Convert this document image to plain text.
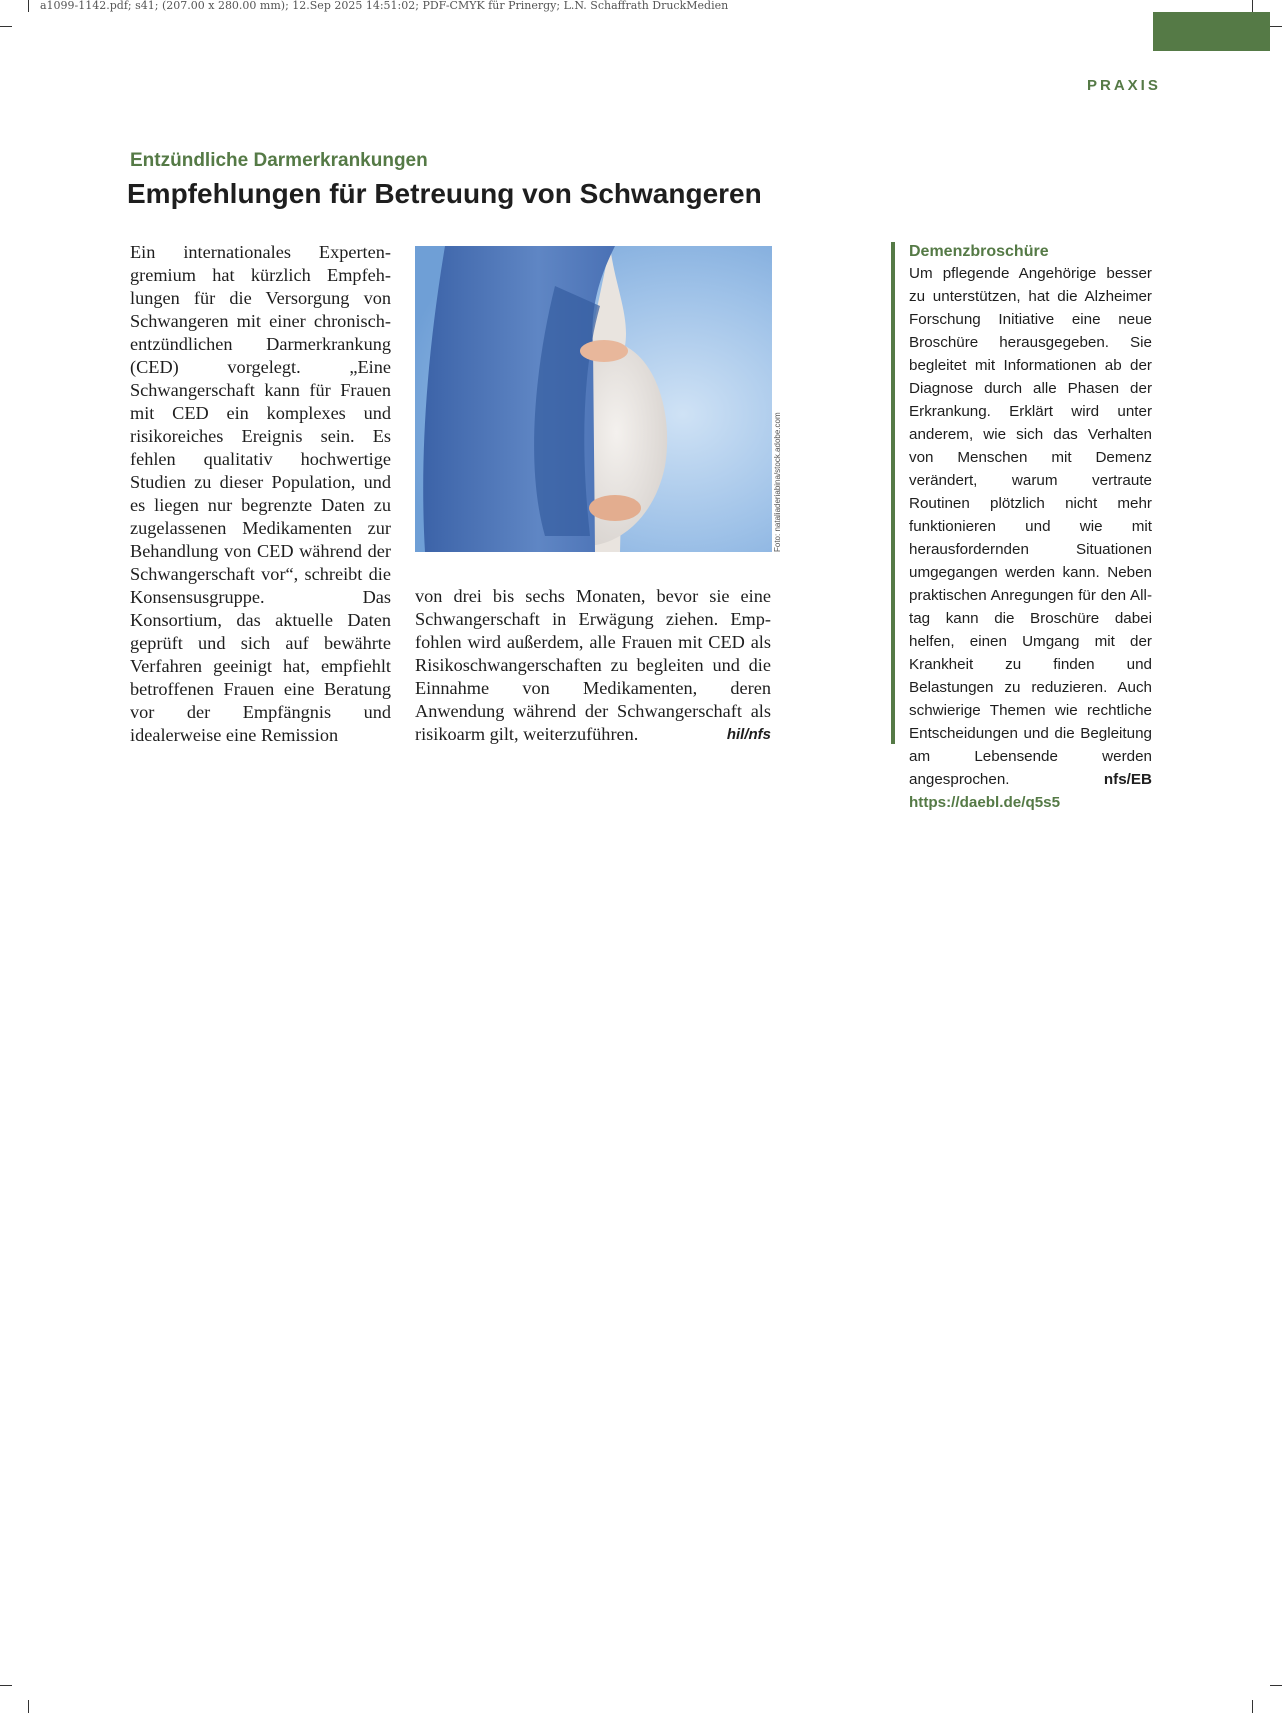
a1099-1142.pdf; s41; (207.00 x 280.00 mm); 12.Sep 2025 14:51:02; PDF-CMYK für Prinergy; L.N. Schaffrath DruckMedien
PRAXIS
Entzündliche Darmerkrankungen
Empfehlungen für Betreuung von Schwangeren

Ein internationales Expertengremium hat kürzlich Empfehlungen für die Versorgung von Schwangeren mit einer chronisch-entzündlichen Darmerkrankung (CED) vorgelegt. „Eine Schwangerschaft kann für Frauen mit CED ein komplexes und risikoreiches Ereignis sein. Es fehlen qualitativ hochwertige Studien zu dieser Population, und es liegen nur begrenzte Daten zu zugelassenen Medikamenten zur Behandlung von CED während der Schwangerschaft vor“, schreibt die Konsensusgruppe. Das Konsortium, das aktuelle Daten geprüft und sich auf bewährte Verfahren geeinigt hat, empfiehlt betroffenen Frauen eine Beratung vor der Empfängnis und idealerweise eine Remission

Foto: nataliaderiabina/stock.adobe.com

von drei bis sechs Monaten, bevor sie eine Schwangerschaft in Erwägung ziehen. Empfohlen wird außerdem, alle Frauen mit CED als Risikoschwangerschaften zu begleiten und die Einnahme von Medikamenten, deren Anwendung während der Schwangerschaft als risikoarm gilt, weiterzuführen.	hil/nfs

Demenzbroschüre

Um pflegende Angehörige besser zu unterstützen, hat die Alzheimer Forschung Initiative eine neue Broschüre herausgegeben. Sie begleitet mit Informationen ab der Diagnose durch alle Phasen der Erkrankung. Erklärt wird unter anderem, wie sich das Verhalten von Menschen mit Demenz verändert, warum vertraute Routinen plötzlich nicht mehr funktionieren und wie mit herausfordernden Situationen umgegangen werden kann. Neben praktischen Anregungen für den Alltag kann die Broschüre dabei helfen, einen Umgang mit der Krankheit zu finden und Belastungen zu reduzieren. Auch schwierige Themen wie rechtliche Entscheidungen und die Begleitung am Lebensende werden angesprochen.	nfs/EB

https://daebl.de/q5s5
